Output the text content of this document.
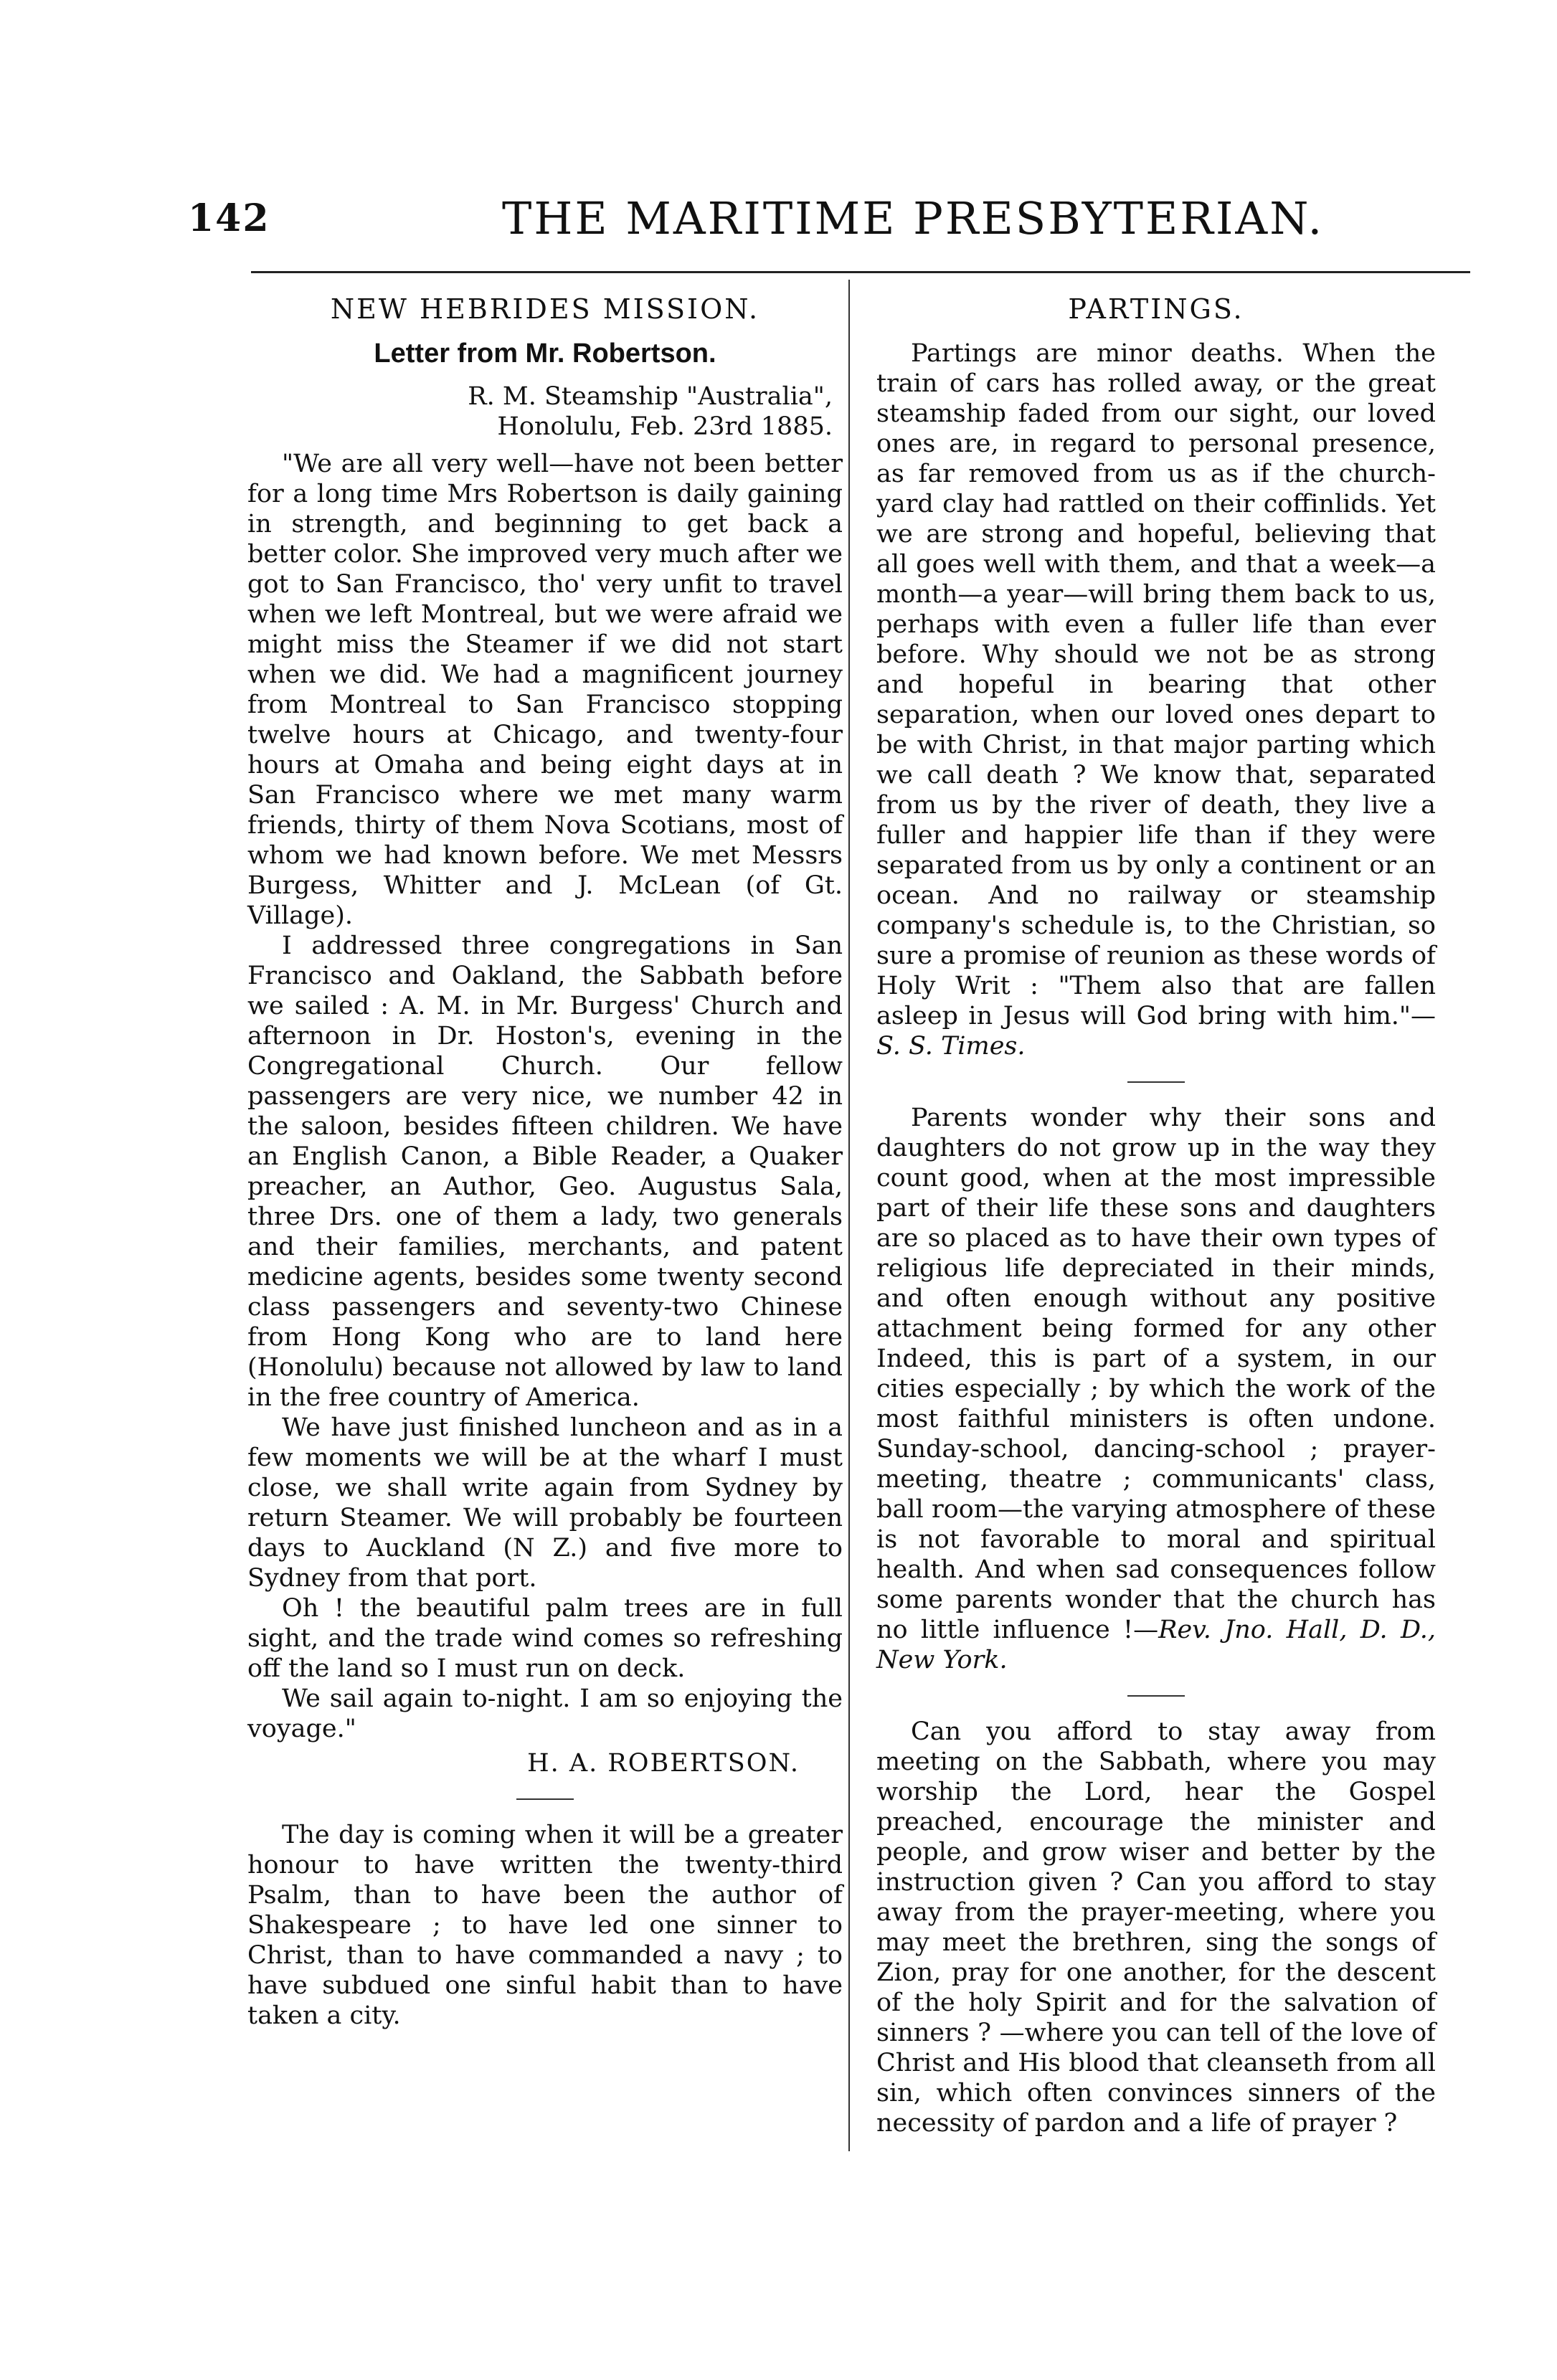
142	THE MARITIME PRESBYTERIAN.
NEW HEBRIDES MISSION.
Letter from Mr. Robertson.

R. M. Steamship "Australia",

Honolulu, Feb. 23rd 1885.

"We are all very well—have not been better for a long time Mrs Robertson is daily gaining in strength, and beginning to get back a better color. She improved very much after we got to San Francisco, tho' very unfit to travel when we left Montreal, but we were afraid we might miss the Steamer if we did not start when we did. We had a magnificent journey from Montreal to San Francisco stopping twelve hours at Chicago, and twenty-four hours at Omaha and being eight days at in San Francisco where we met many warm friends, thirty of them Nova Scotians, most of whom we had known before. We met Messrs Burgess, Whitter and J. McLean (of Gt. Village).

I addressed three congregations in San Francisco and Oakland, the Sabbath before we sailed : A. M. in Mr. Burgess' Church and afternoon in Dr. Hoston's, evening in the Congregational Church. Our fellow passengers are very nice, we number 42 in the saloon, besides fifteen children. We have an English Canon, a Bible Reader, a Quaker preacher, an Author, Geo. Augustus Sala, three Drs. one of them a lady, two generals and their families, merchants, and patent medicine agents, besides some twenty second class passengers and seventy-two Chinese from Hong Kong who are to land here (Honolulu) because not allowed by law to land in the free country of America.

We have just finished luncheon and as in a few moments we will be at the wharf I must close, we shall write again from Sydney by return Steamer. We will probably be fourteen days to Auckland (N Z.) and five more to Sydney from that port.

Oh ! the beautiful palm trees are in full sight, and the trade wind comes so refreshing off the land so I must run on deck.

We sail again to-night. I am so enjoying the voyage."

H. A. ROBERTSON.

The day is coming when it will be a greater honour to have written the twenty-third Psalm, than to have been the author of Shakespeare ; to have led one sinner to Christ, than to have commanded a navy ; to have subdued one sinful habit than to have taken a city.

PARTINGS.

Partings are minor deaths. When the train of cars has rolled away, or the great steamship faded from our sight, our loved ones are, in regard to personal presence, as far removed from us as if the church-yard clay had rattled on their coffinlids. Yet we are strong and hopeful, believing that all goes well with them, and that a week—a month—a year—will bring them back to us, perhaps with even a fuller life than ever before. Why should we not be as strong and hopeful in bearing that other separation, when our loved ones depart to be with Christ, in that major parting which we call death ? We know that, separated from us by the river of death, they live a fuller and happier life than if they were separated from us by only a continent or an ocean. And no railway or steamship company's schedule is, to the Christian, so sure a promise of reunion as these words of Holy Writ : "Them also that are fallen asleep in Jesus will God bring with him."—S. S. Times.

Parents wonder why their sons and daughters do not grow up in the way they count good, when at the most impressible part of their life these sons and daughters are so placed as to have their own types of religious life depreciated in their minds, and often enough without any positive attachment being formed for any other Indeed, this is part of a system, in our cities especially ; by which the work of the most faithful ministers is often undone. Sunday-school, dancing-school ; prayer-meeting, theatre ; communicants' class, ball room—the varying atmosphere of these is not favorable to moral and spiritual health. And when sad consequences follow some parents wonder that the church has no little influence !—Rev. Jno. Hall, D. D., New York.

Can you afford to stay away from meeting on the Sabbath, where you may worship the Lord, hear the Gospel preached, encourage the minister and people, and grow wiser and better by the instruction given ? Can you afford to stay away from the prayer-meeting, where you may meet the brethren, sing the songs of Zion, pray for one another, for the descent of the holy Spirit and for the salvation of sinners ? —where you can tell of the love of Christ and His blood that cleanseth from all sin, which often convinces sinners of the necessity of pardon and a life of prayer ?
